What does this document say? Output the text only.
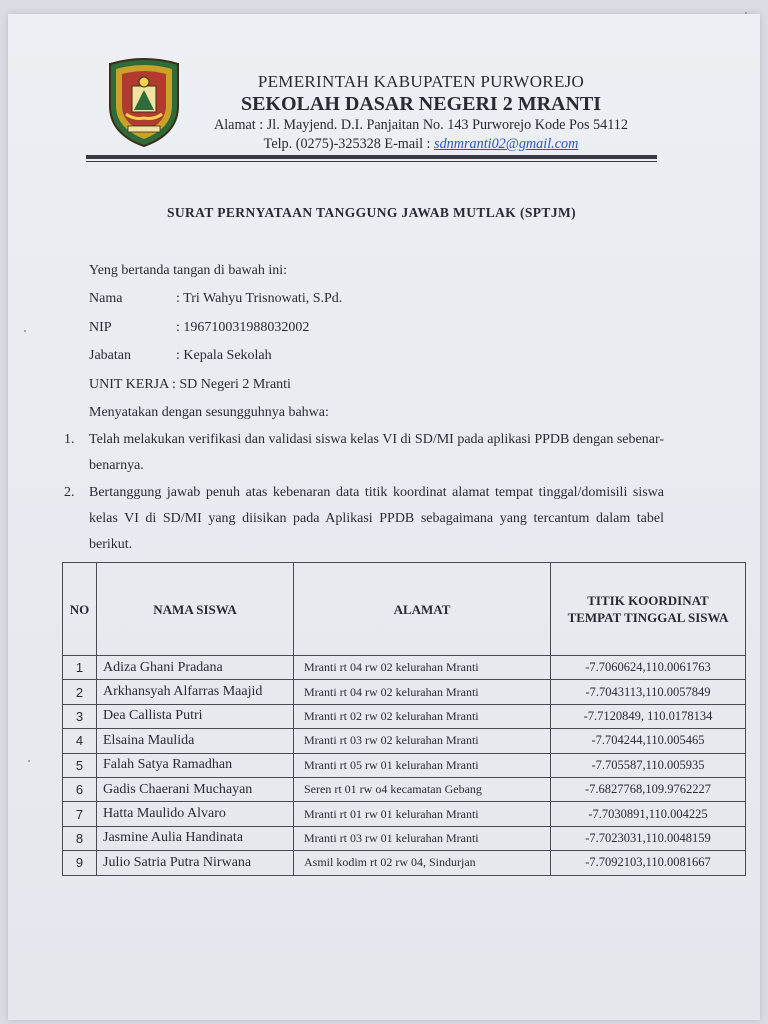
PEMERINTAH KABUPATEN PURWOREJO
SEKOLAH DASAR NEGERI 2 MRANTI
Alamat : Jl. Mayjend. D.I. Panjaitan No. 143 Purworejo Kode Pos 54112
Telp. (0275)-325328 E-mail : sdnmranti02@gmail.com
SURAT PERNYATAAN TANGGUNG JAWAB MUTLAK (SPTJM)
Yeng bertanda tangan di bawah ini:
Nama	: Tri Wahyu Trisnowati, S.Pd.
NIP	: 196710031988032002
Jabatan	: Kepala Sekolah
UNIT KERJA : SD Negeri 2 Mranti
Menyatakan dengan sesungguhnya bahwa:
1. Telah melakukan verifikasi dan validasi siswa kelas VI di SD/MI pada aplikasi PPDB dengan sebenar-benarnya.
2. Bertanggung jawab penuh atas kebenaran data titik koordinat alamat tempat tinggal/domisili siswa kelas VI di SD/MI yang diisikan pada Aplikasi PPDB sebagaimana yang tercantum dalam tabel berikut.
NO	NAMA SISWA	ALAMAT	TITIK KOORDINAT TEMPAT TINGGAL SISWA
1	Adiza Ghani Pradana	Mranti rt 04 rw 02 kelurahan Mranti	-7.7060624,110.0061763
2	Arkhansyah Alfarras Maajid	Mranti rt 04 rw 02 kelurahan Mranti	-7.7043113,110.0057849
3	Dea Callista Putri	Mranti rt 02 rw 02 kelurahan Mranti	-7.7120849, 110.0178134
4	Elsaina Maulida	Mranti rt 03 rw 02 kelurahan Mranti	-7.704244,110.005465
5	Falah Satya Ramadhan	Mranti rt 05 rw 01 kelurahan Mranti	-7.705587,110.005935
6	Gadis Chaerani Muchayan	Seren rt 01 rw o4 kecamatan Gebang	-7.6827768,109.9762227
7	Hatta Maulido Alvaro	Mranti rt 01 rw 01 kelurahan Mranti	-7.7030891,110.004225
8	Jasmine Aulia Handinata	Mranti rt 03 rw 01 kelurahan Mranti	-7.7023031,110.0048159
9	Julio Satria Putra Nirwana	Asmil kodim rt 02 rw 04, Sindurjan	-7.7092103,110.0081667
